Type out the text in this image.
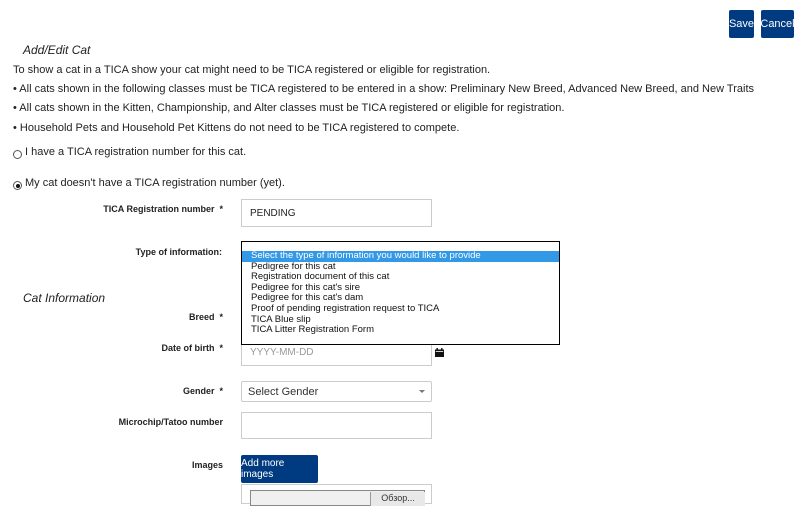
Save Cancel
Add/Edit Cat
To show a cat in a TICA show your cat might need to be TICA registered or eligible for registration.
• All cats shown in the following classes must be TICA registered to be entered in a show: Preliminary New Breed, Advanced New Breed, and New Traits
• All cats shown in the Kitten, Championship, and Alter classes must be TICA registered or eligible for registration.
• Household Pets and Household Pet Kittens do not need to be TICA registered to compete.
I have a TICA registration number for this cat.
My cat doesn't have a TICA registration number (yet).
TICA Registration number *	PENDING
Type of information:	Select the type of information you would like to provide
Pedigree for this cat
Registration document of this cat
Pedigree for this cat's sire
Pedigree for this cat's dam
Proof of pending registration request to TICA
TICA Blue slip
TICA Litter Registration Form
Cat Information
Breed *
Date of birth *	YYYY-MM-DD
Gender * Select Gender
Microchip/Tatoo number
Images Add more images
Обзор...
